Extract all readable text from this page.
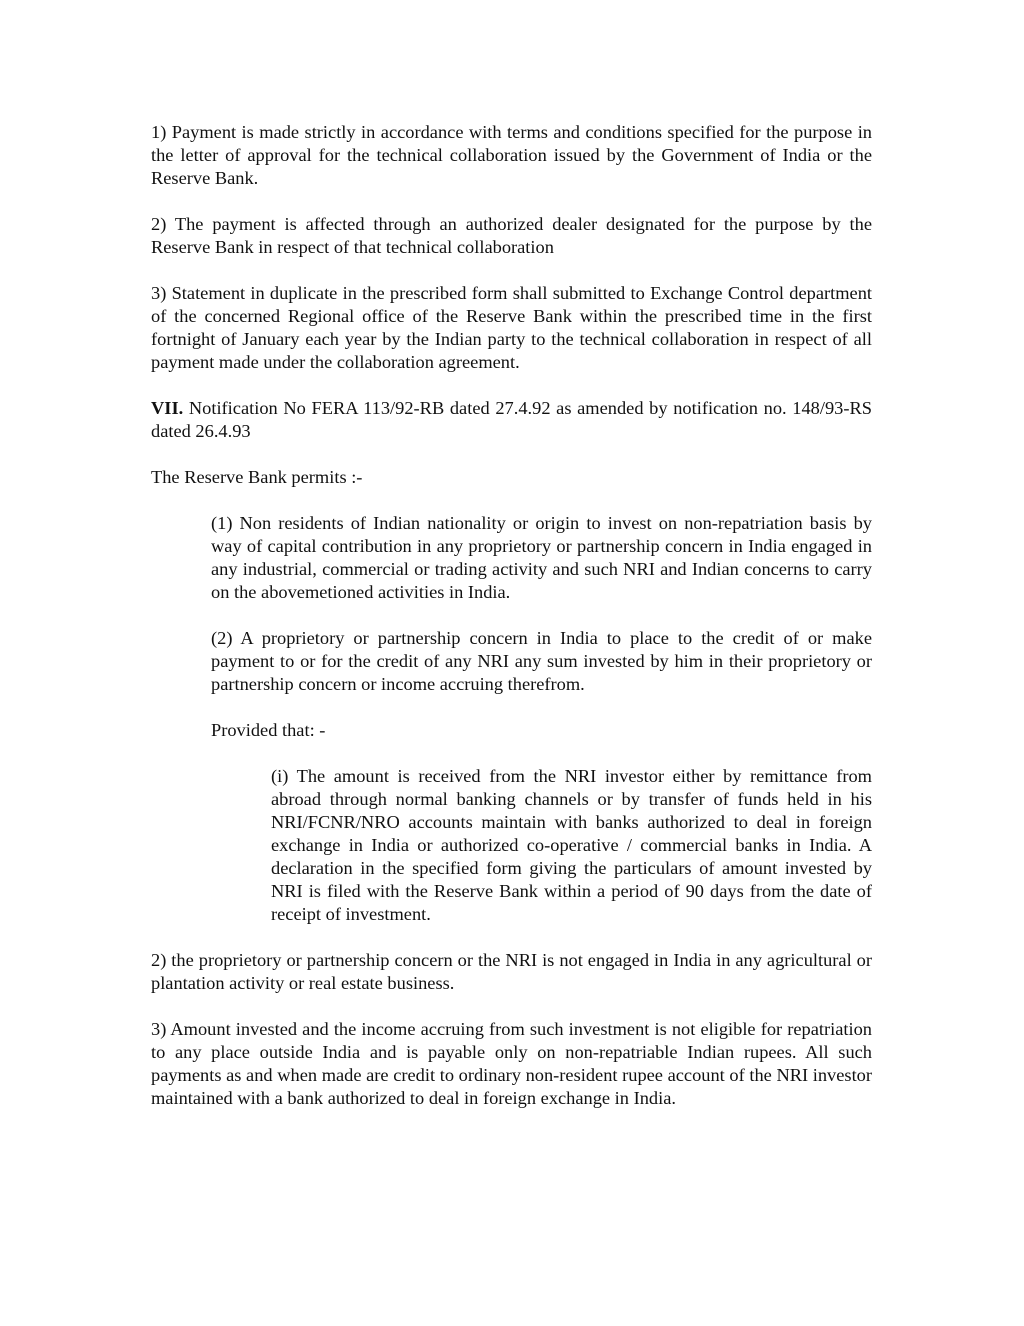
1) Payment is made strictly in accordance with terms and conditions specified for the purpose in the letter of approval for the technical collaboration issued by the Government of India or the Reserve Bank.

2) The payment is affected through an authorized dealer designated for the purpose by the Reserve Bank in respect of that technical collaboration

3) Statement in duplicate in the prescribed form shall submitted to Exchange Control department of the concerned Regional office of the Reserve Bank within the prescribed time in the first fortnight of January each year by the Indian party to the technical collaboration in respect of all payment made under the collaboration agreement.

VII. Notification No FERA 113/92-RB dated 27.4.92 as amended by notification no. 148/93-RS dated 26.4.93

The Reserve Bank permits :-

(1) Non residents of Indian nationality or origin to invest on non-repatriation basis by way of capital contribution in any proprietory or partnership concern in India engaged in any industrial, commercial or trading activity and such NRI and Indian concerns to carry on the abovemetioned activities in India.

(2) A proprietory or partnership concern in India to place to the credit of or make payment to or for the credit of any NRI any sum invested by him in their proprietory or partnership concern or income accruing therefrom.

Provided that: -

(i) The amount is received from the NRI investor either by remittance from abroad through normal banking channels or by transfer of funds held in his NRI/FCNR/NRO accounts maintain with banks authorized to deal in foreign exchange in India or authorized co-operative / commercial banks in India. A declaration in the specified form giving the particulars of amount invested by NRI is filed with the Reserve Bank within a period of 90 days from the date of receipt of investment.

2) the proprietory or partnership concern or the NRI is not engaged in India in any agricultural or plantation activity or real estate business.

3) Amount invested and the income accruing from such investment is not eligible for repatriation to any place outside India and is payable only on non-repatriable Indian rupees. All such payments as and when made are credit to ordinary non-resident rupee account of the NRI investor maintained with a bank authorized to deal in foreign exchange in India.
